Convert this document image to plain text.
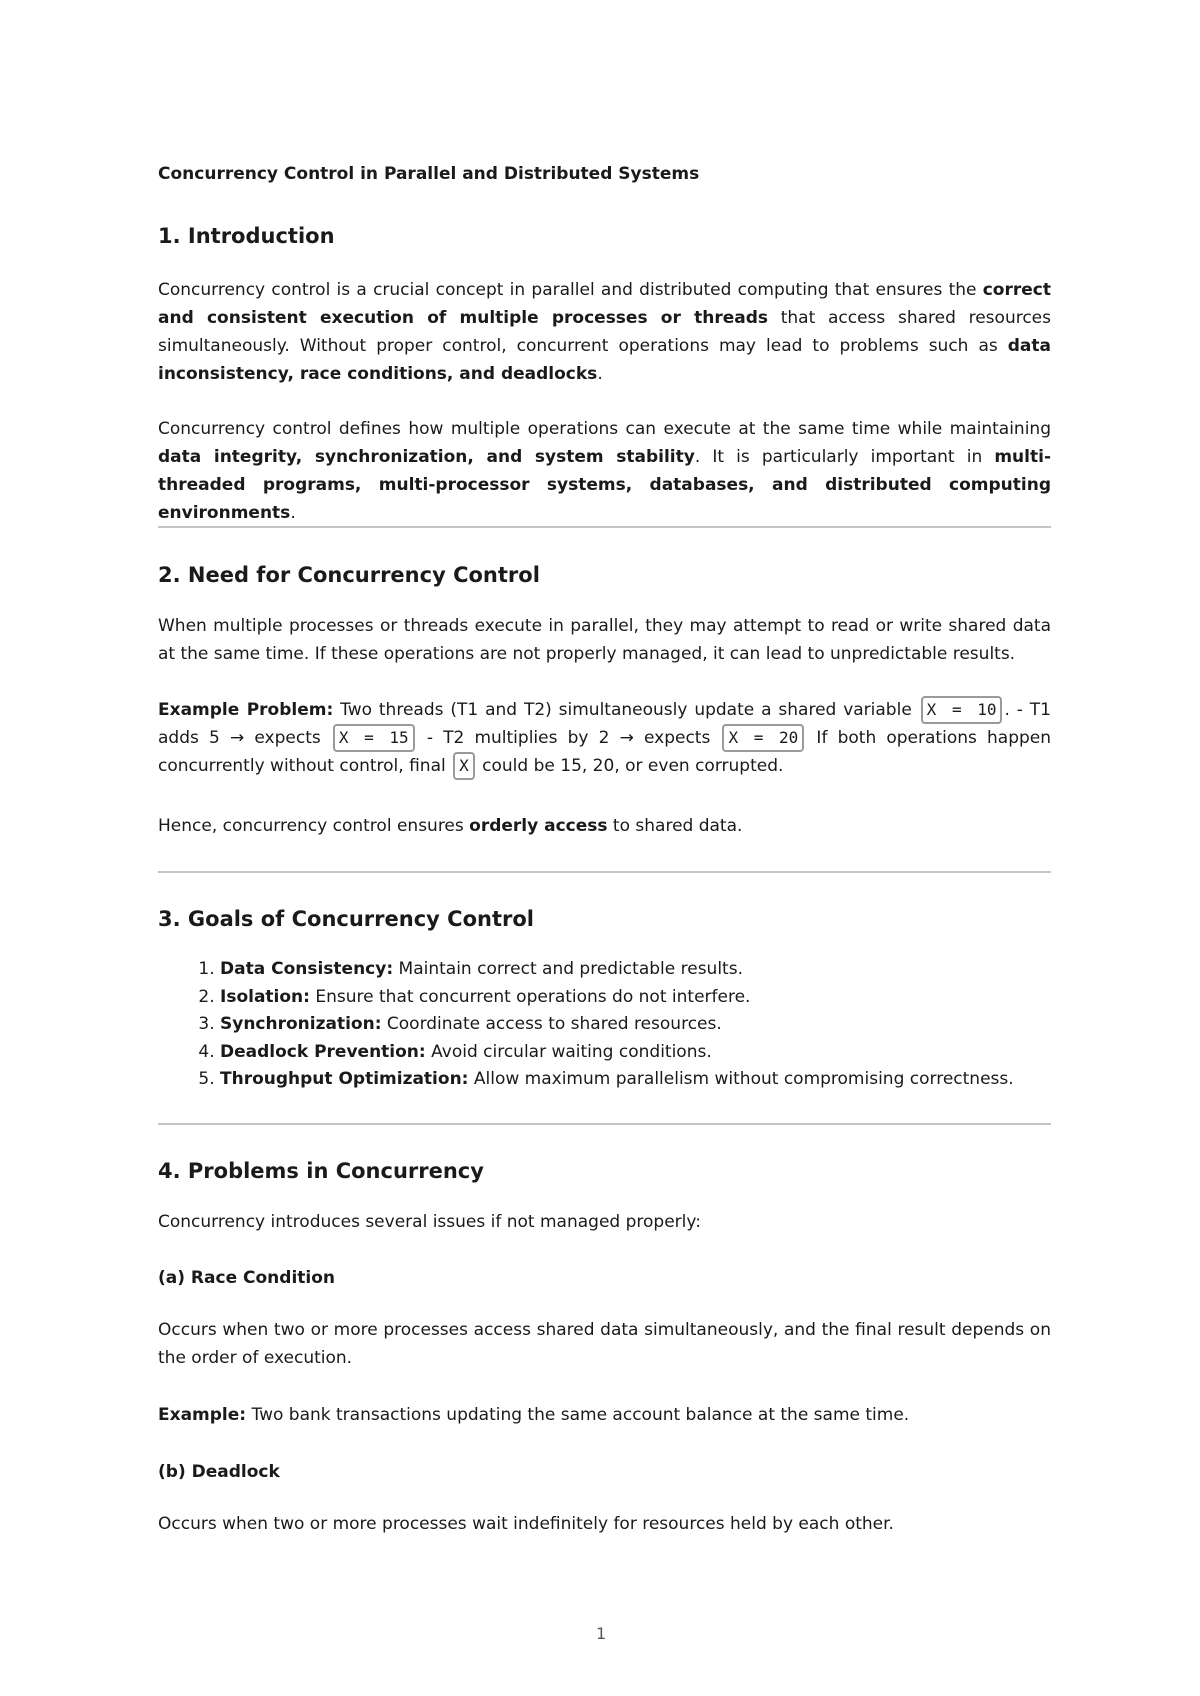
Concurrency Control in Parallel and Distributed Systems
1. Introduction

Concurrency control is a crucial concept in parallel and distributed computing that ensures the correct and consistent execution of multiple processes or threads that access shared resources simultaneously. Without proper control, concurrent operations may lead to problems such as data inconsistency, race conditions, and deadlocks.

Concurrency control defines how multiple operations can execute at the same time while maintaining data integrity, synchronization, and system stability. It is particularly important in multi-threaded programs, multi-processor systems, databases, and distributed computing environments.

2. Need for Concurrency Control

When multiple processes or threads execute in parallel, they may attempt to read or write shared data at the same time. If these operations are not properly managed, it can lead to unpredictable results.

Example Problem: Two threads (T1 and T2) simultaneously update a shared variable X = 10 . - T1 adds 5 → expects X = 15 - T2 multiplies by 2 → expects X = 20 If both operations happen concurrently without control, final X could be 15, 20, or even corrupted.

Hence, concurrency control ensures orderly access to shared data.

3. Goals of Concurrency Control
1. Data Consistency: Maintain correct and predictable results.
2. Isolation: Ensure that concurrent operations do not interfere.
3. Synchronization: Coordinate access to shared resources.
4. Deadlock Prevention: Avoid circular waiting conditions.
5. Throughput Optimization: Allow maximum parallelism without compromising correctness.
4. Problems in Concurrency

Concurrency introduces several issues if not managed properly:

(a) Race Condition

Occurs when two or more processes access shared data simultaneously, and the final result depends on the order of execution.

Example: Two bank transactions updating the same account balance at the same time.

(b) Deadlock

Occurs when two or more processes wait indefinitely for resources held by each other.

1
